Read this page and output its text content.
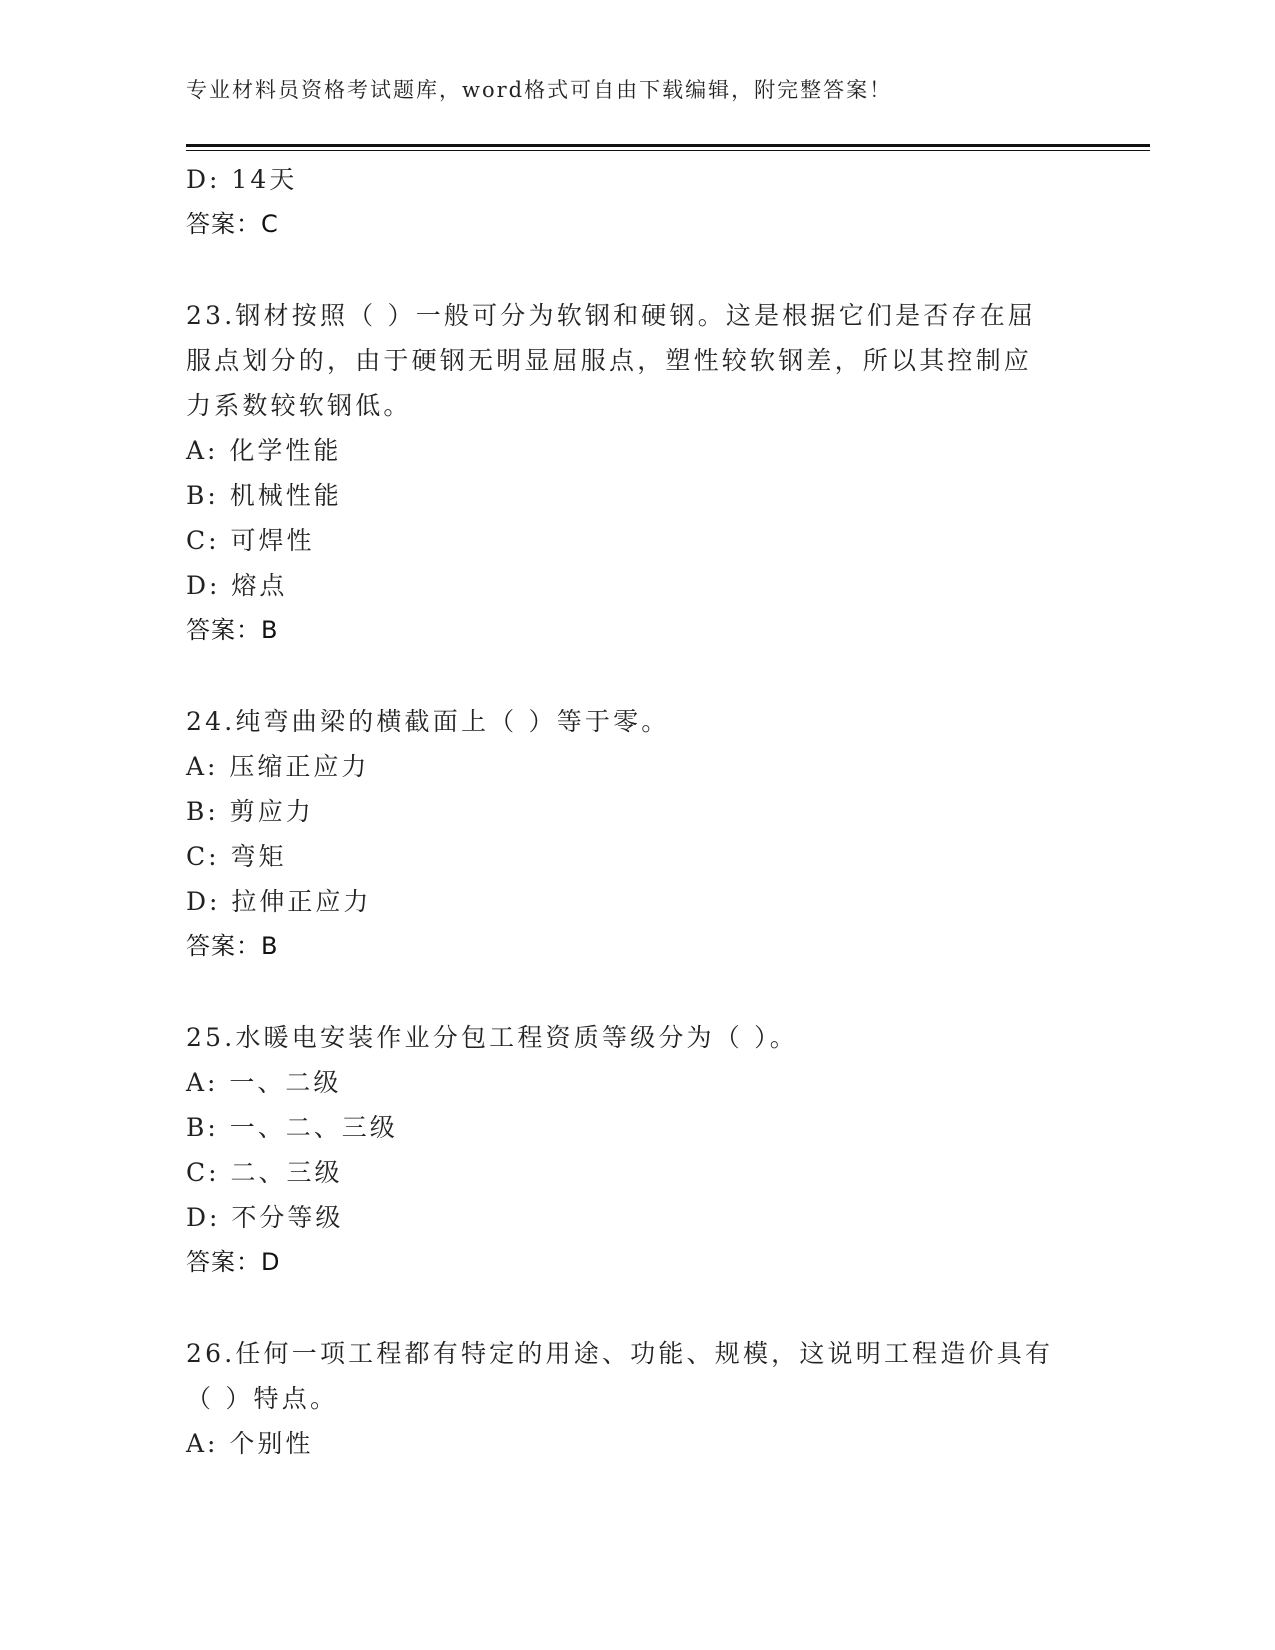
专业材料员资格考试题库，word格式可自由下载编辑，附完整答案！
D: 14天
答案：C
23.钢材按照（ ）一般可分为软钢和硬钢。这是根据它们是否存在屈
服点划分的，由于硬钢无明显屈服点，塑性较软钢差，所以其控制应
力系数较软钢低。
A: 化学性能
B: 机械性能
C: 可焊性
D: 熔点
答案：B
24.纯弯曲梁的横截面上（ ）等于零。
A: 压缩正应力
B: 剪应力
C: 弯矩
D: 拉伸正应力
答案：B
25.水暖电安装作业分包工程资质等级分为（ ）。
A: 一、二级
B: 一、二、三级
C: 二、三级
D: 不分等级
答案：D
26.任何一项工程都有特定的用途、功能、规模，这说明工程造价具有
（ ）特点。
A: 个别性
